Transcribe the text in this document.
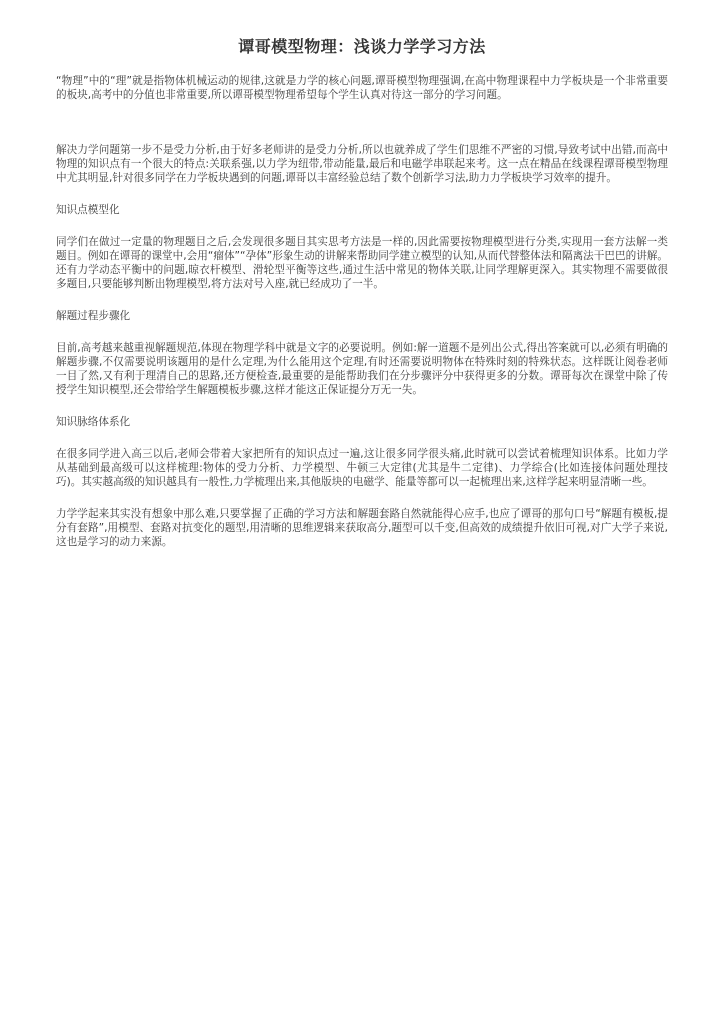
谭哥模型物理：浅谈力学学习方法

“物理”中的“理”就是指物体机械运动的规律,这就是力学的核心问题,谭哥模型物理强调,在高中物理课程中力学板块是一个非常重要的板块,高考中的分值也非常重要,所以谭哥模型物理希望每个学生认真对待这一部分的学习问题。

解决力学问题第一步不是受力分析,由于好多老师讲的是受力分析,所以也就养成了学生们思维不严密的习惯,导致考试中出错,而高中物理的知识点有一个很大的特点:关联系强,以力学为纽带,带动能量,最后和电磁学串联起来考。这一点在精品在线课程谭哥模型物理中尤其明显,针对很多同学在力学板块遇到的问题,谭哥以丰富经验总结了数个创新学习法,助力力学板块学习效率的提升。

知识点模型化

同学们在做过一定量的物理题目之后,会发现很多题目其实思考方法是一样的,因此需要按物理模型进行分类,实现用一套方法解一类题目。例如在谭哥的课堂中,会用“瘤体”“孕体”形象生动的讲解来帮助同学建立模型的认知,从而代替整体法和隔离法干巴巴的讲解。还有力学动态平衡中的问题,晾衣杆模型、滑轮型平衡等这些,通过生活中常见的物体关联,让同学理解更深入。其实物理不需要做很多题目,只要能够判断出物理模型,将方法对号入座,就已经成功了一半。

解题过程步骤化

目前,高考越来越重视解题规范,体现在物理学科中就是文字的必要说明。例如:解一道题不是列出公式,得出答案就可以,必须有明确的解题步骤,不仅需要说明该题用的是什么定理,为什么能用这个定理,有时还需要说明物体在特殊时刻的特殊状态。这样既让阅卷老师一目了然,又有利于理清自己的思路,还方便检查,最重要的是能帮助我们在分步骤评分中获得更多的分数。谭哥每次在课堂中除了传授学生知识模型,还会带给学生解题模板步骤,这样才能这正保证提分万无一失。

知识脉络体系化

在很多同学进入高三以后,老师会带着大家把所有的知识点过一遍,这让很多同学很头痛,此时就可以尝试着梳理知识体系。比如力学从基础到最高级可以这样梳理:物体的受力分析、力学模型、牛顿三大定律(尤其是牛二定律)、力学综合(比如连接体问题处理技巧)。其实越高级的知识越具有一般性,力学梳理出来,其他版块的电磁学、能量等都可以一起梳理出来,这样学起来明显清晰一些。

力学学起来其实没有想象中那么难,只要掌握了正确的学习方法和解题套路自然就能得心应手,也应了谭哥的那句口号“解题有模板,提分有套路”,用模型、套路对抗变化的题型,用清晰的思维逻辑来获取高分,题型可以千变,但高效的成绩提升依旧可视,对广大学子来说,这也是学习的动力来源。
